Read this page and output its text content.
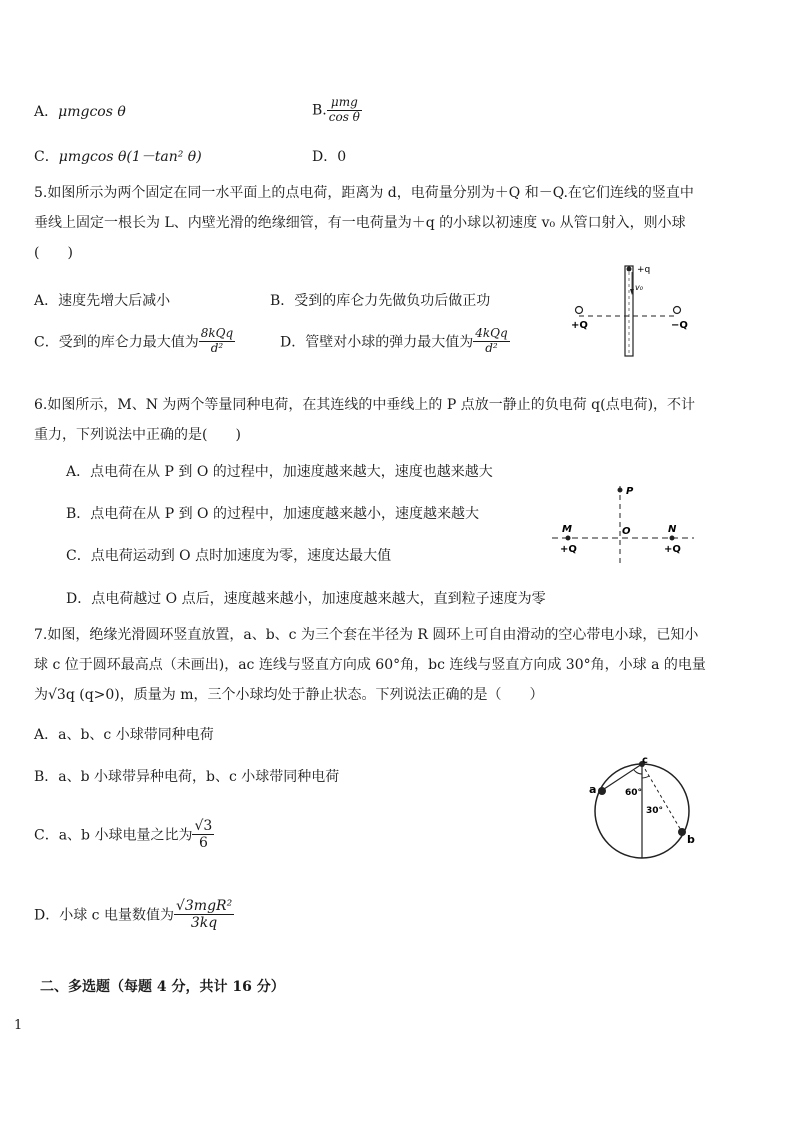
A．μmgcos θ	B. $\frac{\text{μmg}}{\text{cos θ}}$
C．μmgcos θ(1－tan² θ)	D．0
5.如图所示为两个固定在同一水平面上的点电荷，距离为 d，电荷量分别为＋Q 和－Q.在它们连线的竖直中
垂线上固定一根长为 L、内壁光滑的绝缘细管，有一电荷量为＋q 的小球以初速度 v₀ 从管口射入，则小球
(　　)
A．速度先增大后减小	B．受到的库仑力先做负功后做正功
C．受到的库仑力最大值为 $\frac{\text{8kQq}}{\text{d²}}$	D．管壁对小球的弹力最大值为 $\frac{\text{4kQq}}{\text{d²}}$
+q
v₀
+Q	−Q
6.如图所示，M、N 为两个等量同种电荷，在其连线的中垂线上的 P 点放一静止的负电荷 q(点电荷)，不计
重力，下列说法中正确的是(　　)
A．点电荷在从 P 到 O 的过程中，加速度越来越大，速度也越来越大
B．点电荷在从 P 到 O 的过程中，加速度越来越小，速度越来越大
C．点电荷运动到 O 点时加速度为零，速度达最大值
D．点电荷越过 O 点后，速度越来越小，加速度越来越大，直到粒子速度为零
P
M	O	N
+Q	+Q
7.如图，绝缘光滑圆环竖直放置，a、b、c 为三个套在半径为 R 圆环上可自由滑动的空心带电小球，已知小
球 c 位于圆环最高点（未画出)，ac 连线与竖直方向成 60°角，bc 连线与竖直方向成 30°角，小球 a 的电量
为√3q (q>0)，质量为 m，三个小球均处于静止状态。下列说法正确的是（　　）
A．a、b、c 小球带同种电荷
B．a、b 小球带异种电荷，b、c 小球带同种电荷
C．a、b 小球电量之比为 $\frac{√3}{6}$
D．小球 c 电量数值为 $\frac{\text{√3mgR²}}{3kq}$
c
a
b
60°
30°
二、多选题（每题 4 分，共计 16 分）
1
